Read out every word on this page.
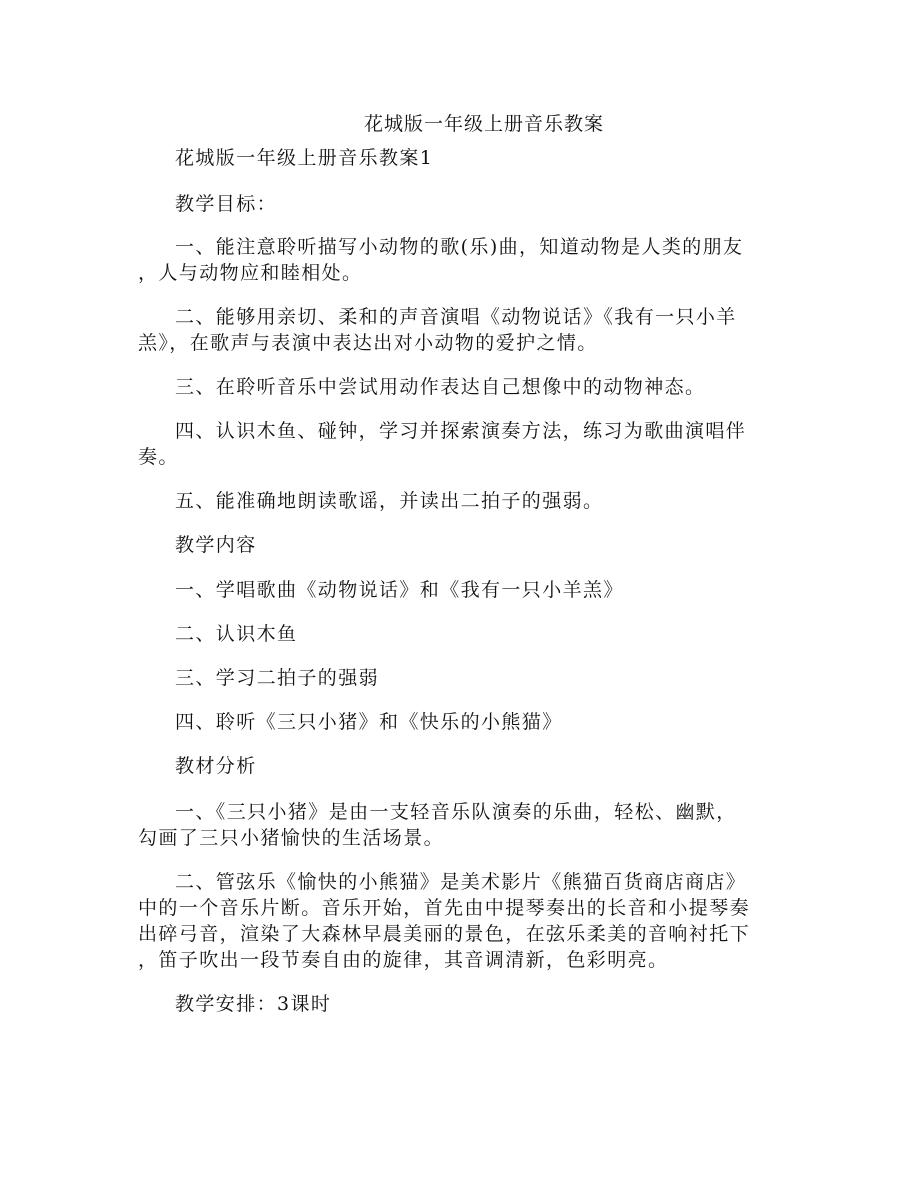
花城版一年级上册音乐教案
花城版一年级上册音乐教案1
教学目标：
一、能注意聆听描写小动物的歌(乐)曲，知道动物是人类的朋友
，人与动物应和睦相处。
二、能够用亲切、柔和的声音演唱《动物说话》《我有一只小羊
羔》，在歌声与表演中表达出对小动物的爱护之情。
三、在聆听音乐中尝试用动作表达自己想像中的动物神态。
四、认识木鱼、碰钟，学习并探索演奏方法，练习为歌曲演唱伴
奏。
五、能准确地朗读歌谣，并读出二拍子的强弱。
教学内容
一、学唱歌曲《动物说话》和《我有一只小羊羔》
二、认识木鱼
三、学习二拍子的强弱
四、聆听《三只小猪》和《快乐的小熊猫》
教材分析
一、《三只小猪》是由一支轻音乐队演奏的乐曲，轻松、幽默，
勾画了三只小猪愉快的生活场景。
二、管弦乐《愉快的小熊猫》是美术影片《熊猫百货商店商店》
中的一个音乐片断。音乐开始，首先由中提琴奏出的长音和小提琴奏
出碎弓音，渲染了大森林早晨美丽的景色，在弦乐柔美的音响衬托下
，笛子吹出一段节奏自由的旋律，其音调清新，色彩明亮。
教学安排：3课时
